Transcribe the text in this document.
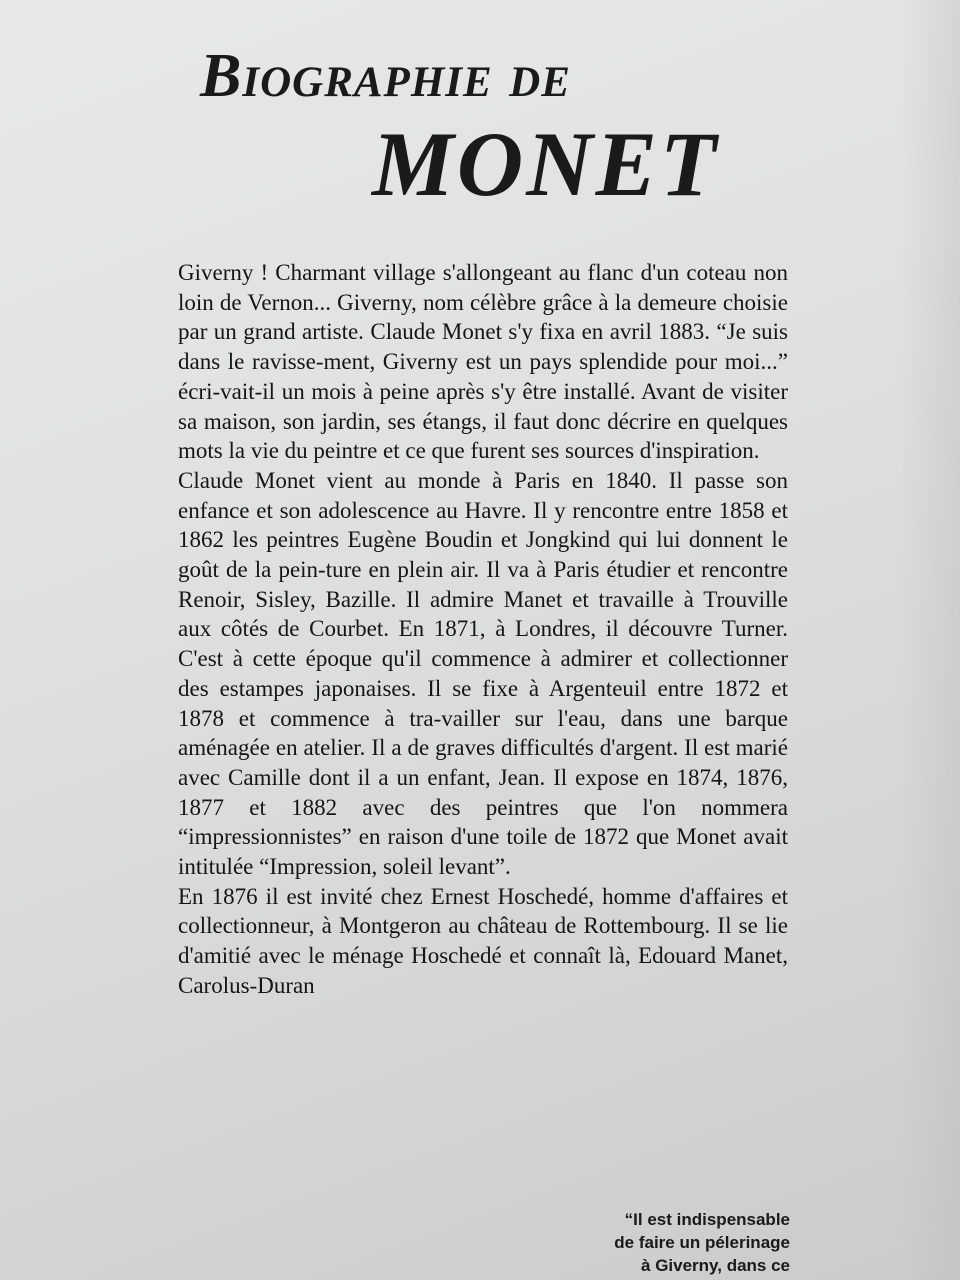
Biographie de
MONET

Giverny ! Charmant village s'allongeant au flanc d'un coteau non loin de Vernon... Giverny, nom célèbre grâce à la demeure choisie par un grand artiste. Claude Monet s'y fixa en avril 1883. “Je suis dans le ravisse-ment, Giverny est un pays splendide pour moi...” écri-vait-il un mois à peine après s'y être installé. Avant de visiter sa maison, son jardin, ses étangs, il faut donc décrire en quelques mots la vie du peintre et ce que furent ses sources d'inspiration.

Claude Monet vient au monde à Paris en 1840. Il passe son enfance et son adolescence au Havre. Il y rencontre entre 1858 et 1862 les peintres Eugène Boudin et Jongkind qui lui donnent le goût de la pein-ture en plein air. Il va à Paris étudier et rencontre Renoir, Sisley, Bazille. Il admire Manet et travaille à Trouville aux côtés de Courbet. En 1871, à Londres, il découvre Turner. C'est à cette époque qu'il commence à admirer et collectionner des estampes japonaises. Il se fixe à Argenteuil entre 1872 et 1878 et commence à tra-vailler sur l'eau, dans une barque aménagée en atelier. Il a de graves difficultés d'argent. Il est marié avec Camille dont il a un enfant, Jean. Il expose en 1874, 1876, 1877 et 1882 avec des peintres que l'on nommera “impressionnistes” en raison d'une toile de 1872 que Monet avait intitulée “Impression, soleil levant”.

En 1876 il est invité chez Ernest Hoschedé, homme d'affaires et collectionneur, à Montgeron au château de Rottembourg. Il se lie d'amitié avec le ménage Hoschedé et connaît là, Edouard Manet, Carolus-Duran

“Il est indispensable
de faire un pélerinage
à Giverny, dans ce
